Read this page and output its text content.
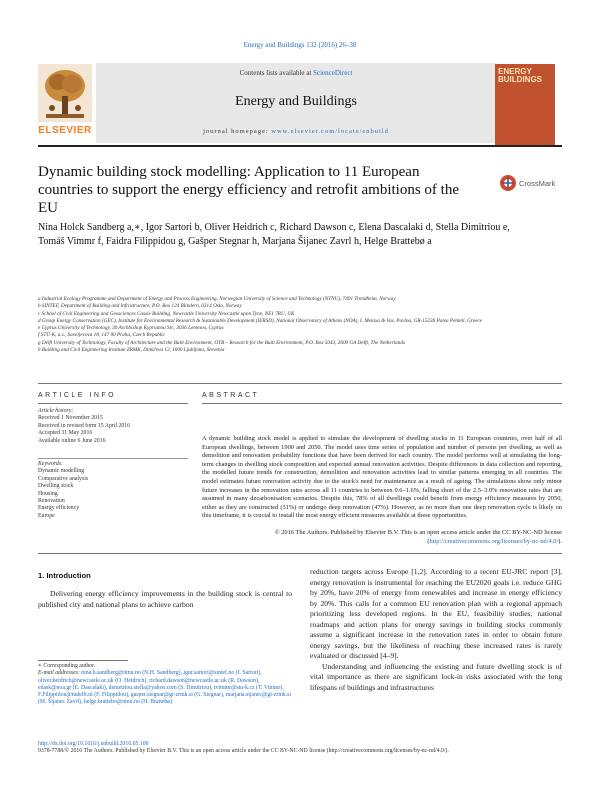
Energy and Buildings 132 (2016) 26–38
Contents lists available at ScienceDirect
Energy and Buildings
journal homepage: www.elsevier.com/locate/enbuild
ELSEVIER
ENERGY BUILDINGS
Dynamic building stock modelling: Application to 11 European countries to support the energy efficiency and retrofit ambitions of the EU
CrossMark
Nina Holck Sandberg a,∗, Igor Sartori b, Oliver Heidrich c, Richard Dawson c, Elena Dascalaki d, Stella Dimitriou e, Tomáš Vimmr f, Faidra Filippidou g, Gašper Stegnar h, Marjana Šijanec Zavrl h, Helge Brattebø a
a Industrial Ecology Programme and Department of Energy and Process Engineering, Norwegian University of Science and Technology (NTNU), 7491 Trondheim, Norway
b SINTEF, Department of Building and Infrastructure, P.O. Box 124 Blindern, 0314 Oslo, Norway
c School of Civil Engineering and Geosciences Cassie Building, Newcastle University Newcastle upon Tyne, NE1 7RU, UK
d Group Energy Conservation (GEC), Institute for Environmental Research & Sustainable Development (IERSD), National Observatory of Athens (NOA), I. Metaxa & Vas. Pavlou, GR-15236 Palea Penteli, Greece
e Cyprus University of Technology, 30 Archbishop Kyprianou Str., 3036 Lemesos, Cyprus
f STÚ-K, a.s., Saveljevova 18, 147 00 Praha, Czech Republic
g Delft University of Technology, Faculty of Architecture and the Built Environment, OTB – Research for the Built Environment, P.O. Box 5043, 2600 GA Delft, The Netherlands
h Building and Civil Engineering Institute ZRMK, Dimičeva 12, 1000 Ljubljana, Slovenia
ARTICLE INFO	ABSTRACT
Article history:
Received 1 November 2015
Received in revised form 15 April 2016
Accepted 31 May 2016
Available online 6 June 2016
Keywords:
Dynamic modelling
Comparative analysis
Dwelling stock
Housing
Renovation
Energy efficiency
Europe
A dynamic building stock model is applied to simulate the development of dwelling stocks in 11 European countries, over half of all European dwellings, between 1900 and 2050. The model uses time series of population and number of persons per dwelling, as well as demolition and renovation probability functions that have been derived for each country. The model performs well at simulating the long-term changes in dwelling stock composition and expected annual renovation activities. Despite differences in data collection and reporting, the modelled future trends for construction, demolition and renovation activities lead to similar patterns emerging in all countries. The model estimates future renovation activity due to the stock's need for maintenance as a result of ageing. The simulations show only minor future increases in the renovation rates across all 11 countries to between 0.6–1.6%, falling short of the 2.5–3.0% renovation rates that are assumed in many decarbonisation scenarios. Despite this, 78% of all dwellings could benefit from energy efficiency measures by 2050, either as they are constructed (31%) or undergo deep renovation (47%). However, as no more than one deep renovation cycle is likely on this timeframe, it is crucial to install the most energy efficient measures available at these opportunities.
© 2016 The Authors. Published by Elsevier B.V. This is an open access article under the CC BY-NC-ND license (http://creativecommons.org/licenses/by-nc-nd/4.0/).
1. Introduction
Delivering energy efficiency improvements in the building stock is central to published city and national plans to achieve carbon

reduction targets across Europe [1,2]. According to a recent EU-JRC report [3], energy renovation is instrumental for reaching the EU2020 goals i.e. reduce GHG by 20%, have 20% of energy from renewables and increase in energy efficiency by 20%. This calls for a common EU renovation plan with a regional approach prioritizing less developed regions. In the EU, feasibility studies, national roadmaps and action plans for energy savings in building stocks commonly assume a significant increase in the renovation rates in order to obtain future energy savings, but the likeliness of reaching these increased rates is rarely evaluated or discussed [4–9].

Understanding and influencing the existing and future dwelling stock is of vital importance as there are significant lock-in risks associated with the long lifespans of buildings and infrastructures

∗ Corresponding author.
E-mail addresses: nina.h.sandberg@ntnu.no (N.H. Sandberg), igor.sartori@sintef.no (I. Sartori), oliver.heidrich@newcastle.ac.uk (O. Heidrich), richard.dawson@newcastle.ac.uk (R. Dawson), edask@noa.gr (E. Dascalaki), demetriou.stella@yahoo.com (S. Dimitriou), tvimmr@stu-k.cz (T. Vimmr), F.Filippidou@tudelft.nl (F. Filippidou), gasper.stegnar@gi-zrmk.si (G. Stegnar), marjana.sijanec@gi-zrmk.si (M. Šijanec Zavrl), helge.brattebo@ntnu.no (H. Brattebø).
http://dx.doi.org/10.1016/j.enbuild.2016.05.100
0378-7788/© 2016 The Authors. Published by Elsevier B.V. This is an open access article under the CC BY-NC-ND license (http://creativecommons.org/licenses/by-nc-nd/4.0/).
